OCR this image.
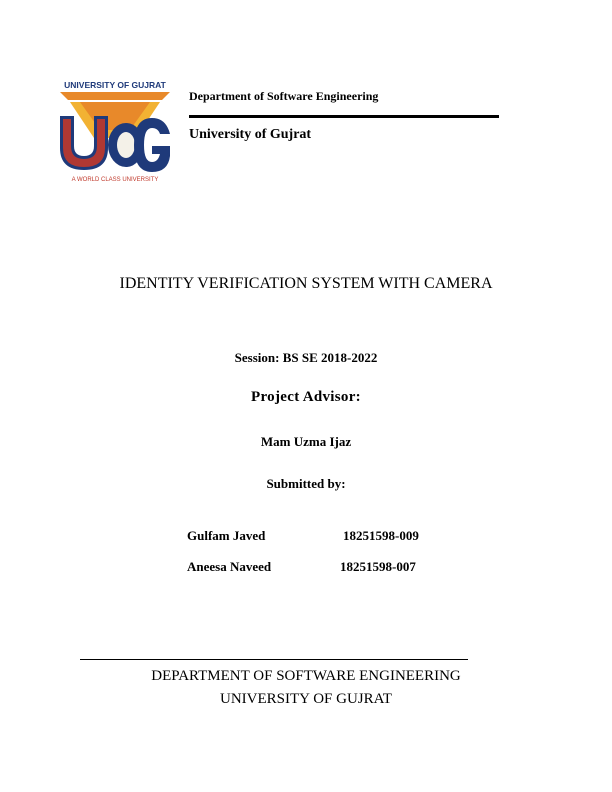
UNIVERSITY OF GUJRAT
A WORLD CLASS UNIVERSITY
Department of Software Engineering
University of Gujrat
IDENTITY VERIFICATION SYSTEM WITH CAMERA
Session: BS SE 2018-2022
Project Advisor:
Mam Uzma Ijaz
Submitted by:
Gulfam Javed	18251598-009
Aneesa Naveed	18251598-007
DEPARTMENT OF SOFTWARE ENGINEERING
UNIVERSITY OF GUJRAT
